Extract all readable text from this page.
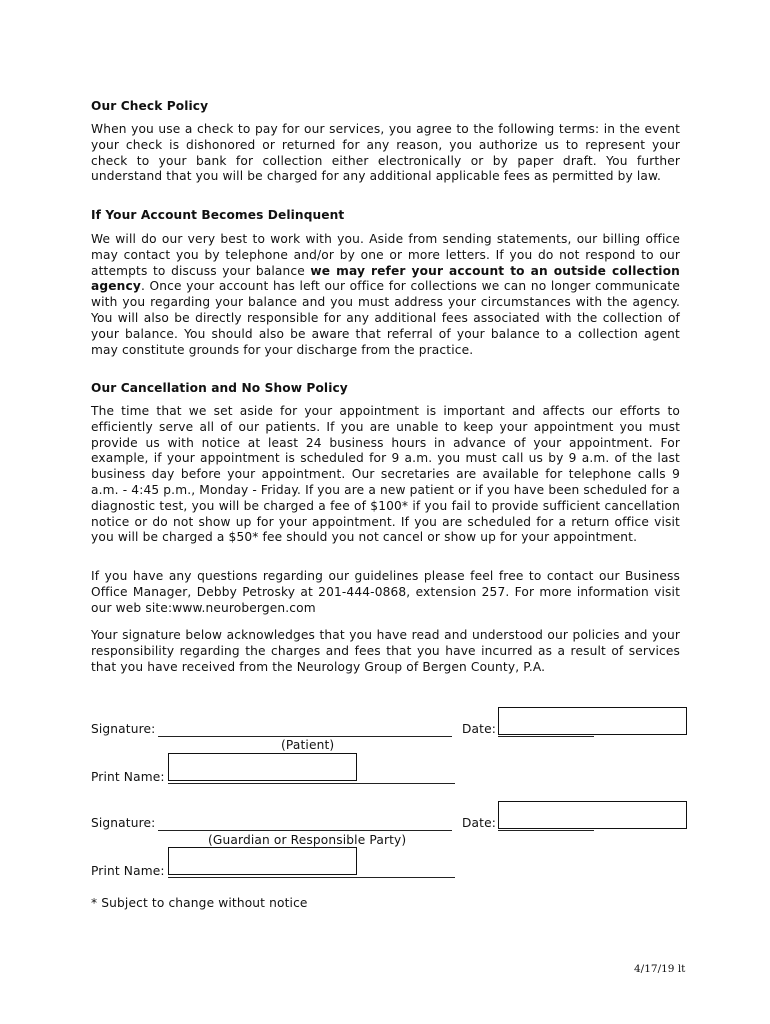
Our Check Policy
When you use a check to pay for our services, you agree to the following terms: in the event your check is dishonored or returned for any reason, you authorize us to represent your check to your bank for collection either electronically or by paper draft. You further understand that you will be charged for any additional applicable fees as permitted by law.
If Your Account Becomes Delinquent
We will do our very best to work with you. Aside from sending statements, our billing office may contact you by telephone and/or by one or more letters. If you do not respond to our attempts to discuss your balance we may refer your account to an outside collection agency. Once your account has left our office for collections we can no longer communicate with you regarding your balance and you must address your circumstances with the agency. You will also be directly responsible for any additional fees associated with the collection of your balance. You should also be aware that referral of your balance to a collection agent may constitute grounds for your discharge from the practice.
Our Cancellation and No Show Policy
The time that we set aside for your appointment is important and affects our efforts to efficiently serve all of our patients. If you are unable to keep your appointment you must provide us with notice at least 24 business hours in advance of your appointment. For example, if your appointment is scheduled for 9 a.m. you must call us by 9 a.m. of the last business day before your appointment. Our secretaries are available for telephone calls 9 a.m. - 4:45 p.m., Monday - Friday. If you are a new patient or if you have been scheduled for a diagnostic test, you will be charged a fee of $100* if you fail to provide sufficient cancellation notice or do not show up for your appointment. If you are scheduled for a return office visit you will be charged a $50* fee should you not cancel or show up for your appointment.
If you have any questions regarding our guidelines please feel free to contact our Business Office Manager, Debby Petrosky at 201-444-0868, extension 257. For more information visit our web site:www.neurobergen.com
Your signature below acknowledges that you have read and understood our policies and your responsibility regarding the charges and fees that you have incurred as a result of services that you have received from the Neurology Group of Bergen County, P.A.
Signature:	Date:
(Patient)
Print Name:
Signature:	Date:
(Guardian or Responsible Party)
Print Name:
* Subject to change without notice
4/17/19 lt
